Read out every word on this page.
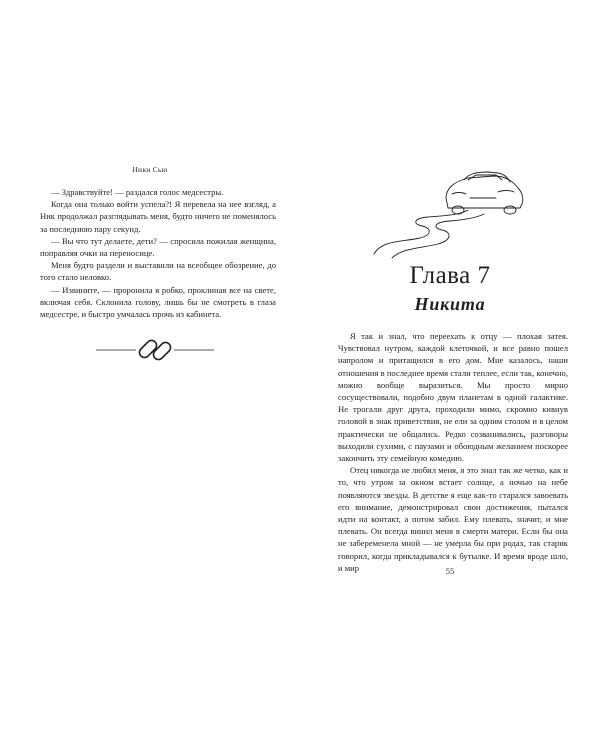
Ники Сью

— Здравствуйте! — раздался голос медсестры.

Когда она только войти успела?! Я перевела на нее взгляд, а Ник продолжал разглядывать меня, будто ничего не поменялось за последнюю пару секунд.

— Вы что тут делаете, дети? — спросила пожилая женщина, поправляя очки на переносице.

Меня будто раздели и выставили на всеобщее обозрение, до того стало неловко.

— Извините, — проронила я робко, проклиная все на свете, включая себя. Склонила голову, лишь бы не смотреть в глаза медсестре, и быстро умчалась прочь из кабинета.

Глава 7
Никита

Я так и знал, что переехать к отцу — плохая затея. Чувствовал нутром, каждой клеточкой, и все равно пошел напролом и притащился в его дом. Мне казалось, наши отношения в последнее время стали теплее, если так, конечно, можно вообще выразиться. Мы просто мирно сосуществовали, подобно двум планетам в одной галактике. Не трогали друг друга, проходили мимо, скромно кивнув головой в знак приветствия, не ели за одним столом и в целом практически не общались. Редко созванивались, разговоры выходили сухими, с паузами и обоюдным желанием поскорее закончить эту семейную комедию.

Отец никогда не любил меня, я это знал так же четко, как и то, что утром за окном встает солнце, а ночью на небе появляются звезды. В детстве я еще как-то старался завоевать его внимание, демонстрировал свои достижения, пытался идти на контакт, а потом забил. Ему плевать, значит, и мне плевать. Он всегда винил меня в смерти матери. Если бы она не забеременела мной — не умерла бы при родах, так старик говорил, когда прикладывался к бутылке. И время вроде шло, и мир	55
